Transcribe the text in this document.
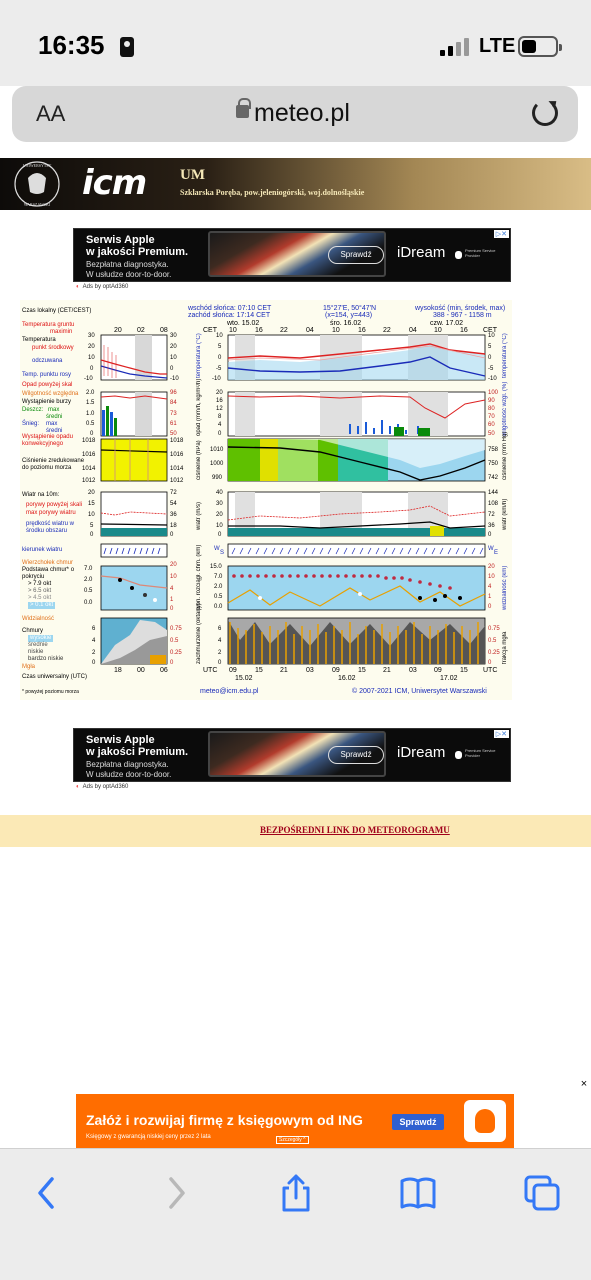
16:35	LTE
AA	meteo.pl
UNIWERSYTET
WARSZAWSKI
icm UM
Szklarska Poręba, pow.jeleniogórski, woj.dolnośląskie
Serwis Apple
w jakości Premium.
Bezpłatna diagnostyka.
W usłudze door-to-door.
Sprawdź	iDream	Premium Service Provider
▷✕
◐ Ads by optAd360
wschód słońca: 07:10 CET
zachód słońca: 17:14 CET
15°27'E, 50°47'N
(x=154, y=443)
wysokość (min, środek, max)
388 - 967 - 1158 m
wto. 15.02	śro. 16.02	czw. 17.02
CET	CET
10	16 22	04	10	16 22	04 10	16
20 02 08
Czas lokalny (CET/CEST)
Temperatura gruntu
maximin
Temperatura
punkt środkowy
odczuwana
Temp. punktu rosy
Opad powyżej skal
Wilgotność względna
Wystąpienie burzy
Deszcz: max
średni
Śnieg: max
średni
Wystąpienie opadu konwekcyjnego
Ciśnienie zredukowane do poziomu morza
Wiatr na 10m:
porywy powyżej skali
max porywy wiatru
prędkość wiatru w środku obszaru
kierunek wiatru
Wierzchołek chmur
Podstawa chmur* o pokryciu
> 7.9 okt
> 6.5 okt
> 4.5 okt
> 0.1 okt
Widzialność
Chmury
wysokie
średnie
niskie
bardzo niskie
Mgła
Czas uniwersalny (UTC)
* powyżej poziomu morza
30
20
10
0
-10
30
20
10
0
-10
2.0
1.5
1.0
0.5
0
96
84
73
61
50
1018
1016
1014
1012
1018
1016
1014
1012
20
15
10
5
0
72
54
36
18
0
7.0
2.0
0.5
0.0
20
10
4
1
0
6
4
2
0
0.75
0.5
0.25
0
10
5
0
-5
-10
10
5
0
-5
-10
20
16
12
8
4
0
100
90
80
70
60
50
1010
1000
990
758
750
742
40
30
20
10
0
144
108
72
36
0
W
S
W
E
15.0
7.0
2.0
0.5
0.0
20
10
4
1
0
6
4
2
0
0.75
0.5
0.25
0
temperatura (°C)	temperatura (°C)
opad (mm/h, kg/m²/h)	wilgotność wzgl. (%)
ciśnienie (hPa)	ciśnienie (mm Hg)
wiatr (m/s)	wiatr (km/h)
pion. rozciągł. chm. (km)	widzialność (km)
zachmurzenie (oktany)	frakcja mgła
UTC	UTC
09	15 21	03	09	15 21	03 09	15
18 00 06
15.02	16.02	17.02
meteo@icm.edu.pl	© 2007-2021 ICM, Uniwersytet Warszawski
Serwis Apple
w jakości Premium.
Bezpłatna diagnostyka.
W usłudze door-to-door.
Sprawdź	iDream	Premium Service Provider
▷✕
◐ Ads by optAd360
BEZPOŚREDNI LINK DO METEOROGRAMU
×
Załóż i rozwijaj firmę z księgowym od ING
Księgowy z gwarancją niskiej ceny przez 2 lata	Szczegóły ^
Sprawdź
